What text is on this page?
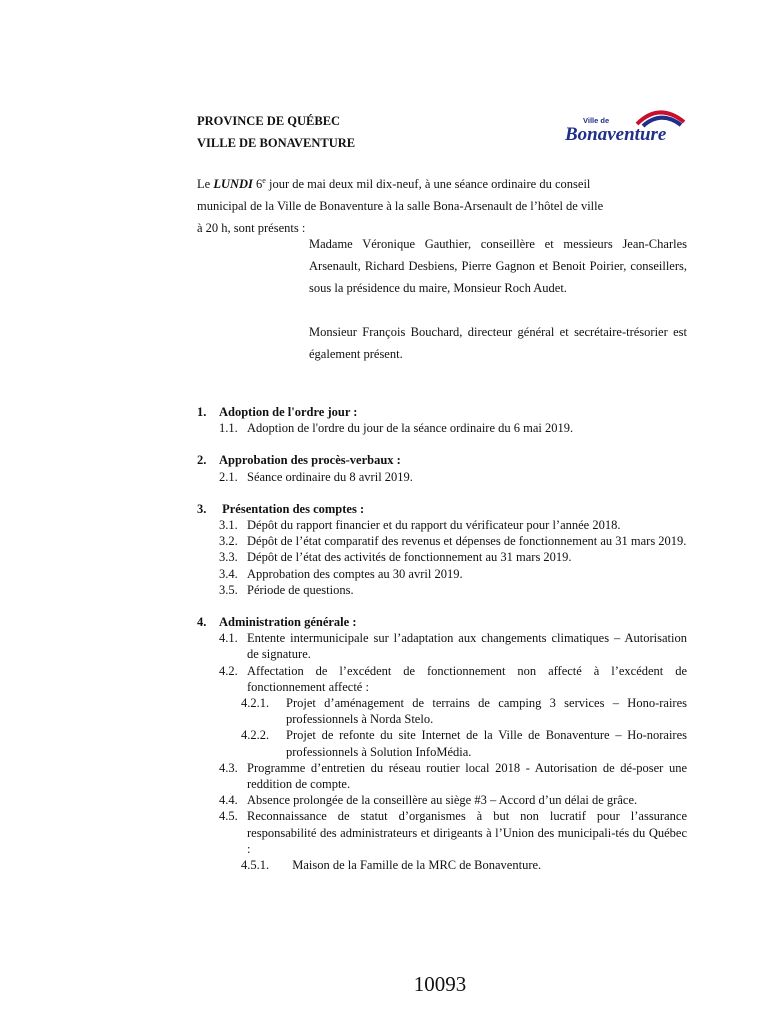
PROVINCE DE QUÉBEC
VILLE DE BONAVENTURE
Ville de
Bonaventure
Le LUNDI 6e jour de mai deux mil dix-neuf, à une séance ordinaire du conseil
municipal de la Ville de Bonaventure à la salle Bona-Arsenault de l’hôtel de ville
à 20 h, sont présents :

Madame Véronique Gauthier, conseillère et messieurs Jean-Charles Arsenault, Richard Desbiens, Pierre Gagnon et Benoit Poirier, conseillers, sous la présidence du maire, Monsieur Roch Audet.

Monsieur François Bouchard, directeur général et secrétaire-trésorier est également présent.

1.	Adoption de l'ordre jour :
1.1. Adoption de l'ordre du jour de la séance ordinaire du 6 mai 2019.
2.	Approbation des procès-verbaux :
2.1. Séance ordinaire du 8 avril 2019.
3.	Présentation des comptes :
3.1. Dépôt du rapport financier et du rapport du vérificateur pour l’année 2018.
3.2. Dépôt de l’état comparatif des revenus et dépenses de fonctionnement au 31 mars 2019.
3.3. Dépôt de l’état des activités de fonctionnement au 31 mars 2019.
3.4. Approbation des comptes au 30 avril 2019.
3.5. Période de questions.
4.	Administration générale :
4.1. Entente intermunicipale sur l’adaptation aux changements climatiques – Autorisation de signature.
4.2. Affectation de l’excédent de fonctionnement non affecté à l’excédent de fonctionnement affecté :
4.2.1.	Projet d’aménagement de terrains de camping 3 services – Hono-raires professionnels à Norda Stelo.
4.2.2.	Projet de refonte du site Internet de la Ville de Bonaventure – Ho-noraires professionnels à Solution InfoMédia.
4.3. Programme d’entretien du réseau routier local 2018 - Autorisation de dé-poser une reddition de compte.
4.4. Absence prolongée de la conseillère au siège #3 – Accord d’un délai de grâce.
4.5. Reconnaissance de statut d’organismes à but non lucratif pour l’assurance responsabilité des administrateurs et dirigeants à l’Union des municipali-tés du Québec :
4.5.1.	Maison de la Famille de la MRC de Bonaventure.
10093
